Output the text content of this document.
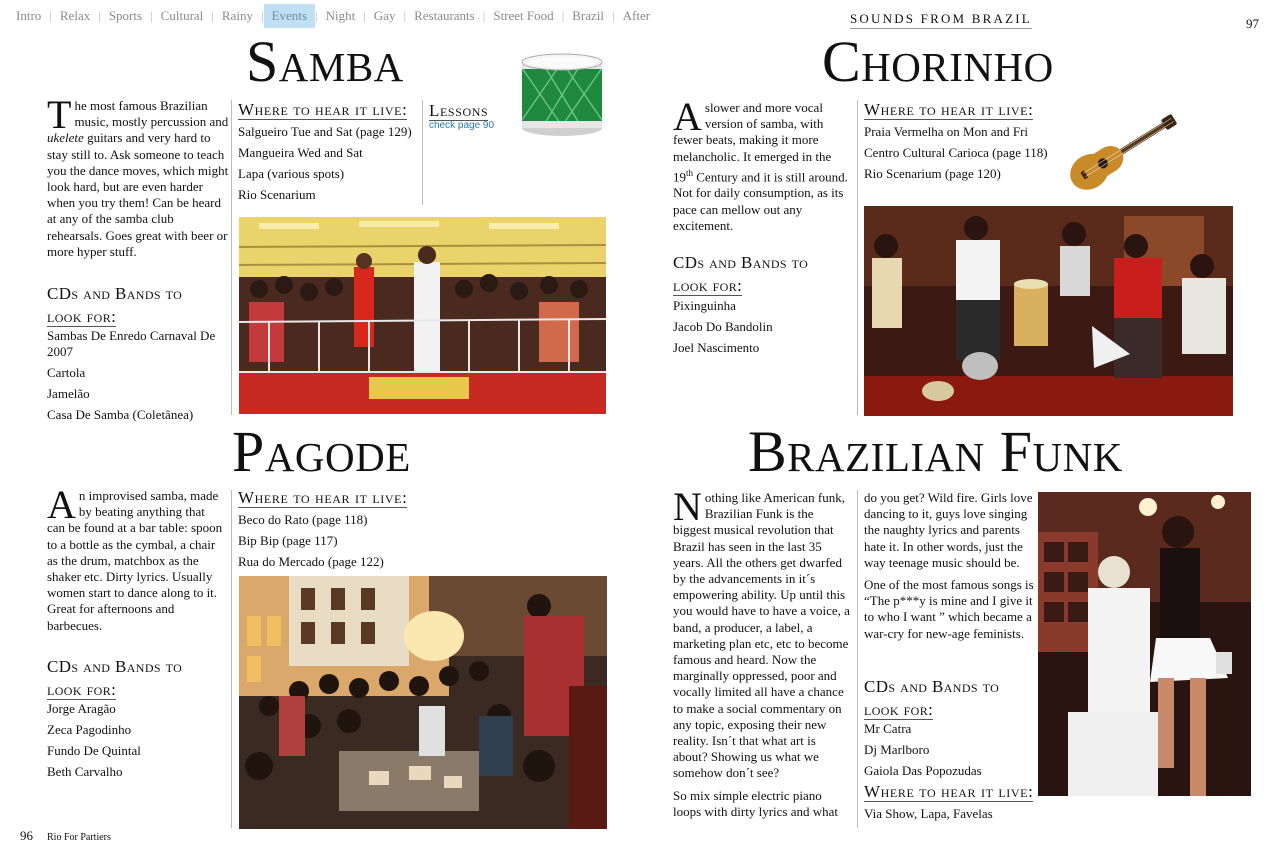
Intro | Relax | Sports | Cultural | Rainy | Events | Night | Gay | Restaurants | Street Food | Brazil | After	SOUNDS FROM BRAZIL	97
Samba

The most famous Brazilian music, mostly percussion and ukelete guitars and very hard to stay still to. Ask someone to teach you the dance moves, which might look hard, but are even harder when you try them! Can be heard at any of the samba club rehearsals. Goes great with beer or more hyper stuff.

CDs and Bands to
look for:
Sambas De Enredo Carnaval De 2007
Cartola
Jamelão
Casa De Samba (Coletânea)
Where to hear it live:
Salgueiro Tue and Sat (page 129)
Mangueira Wed and Sat
Lapa (various spots)
Rio Scenarium
Lessons
check page 90
Chorinho

Aslower and more vocal version of samba, with fewer beats, making it more melancholic. It emerged in the 19th Century and it is still around. Not for daily consumption, as its pace can mellow out any excitement.

CDs and Bands to
look for:
Pixinguinha
Jacob Do Bandolin
Joel Nascimento
Where to hear it live:
Praia Vermelha on Mon and Fri
Centro Cultural Carioca (page 118)
Rio Scenarium (page 120)
Pagode

An improvised samba, made by beating anything that can be found at a bar table: spoon to a bottle as the cymbal, a chair as the drum, matchbox as the shaker etc. Dirty lyrics. Usually women start to dance along to it. Great for afternoons and barbecues.

CDs and Bands to
look for:
Jorge Aragão
Zeca Pagodinho
Fundo De Quintal
Beth Carvalho
Where to hear it live:
Beco do Rato (page 118)
Bip Bip (page 117)
Rua do Mercado (page 122)
Brazilian Funk

Nothing like American funk, Brazilian Funk is the biggest musical revolution that Brazil has seen in the last 35 years. All the others get dwarfed by the advancements in it´s empowering ability. Up until this you would have to have a voice, a band, a producer, a label, a marketing plan etc, etc to become famous and heard. Now the marginally oppressed, poor and vocally limited all have a chance to make a social commentary on any topic, exposing their new reality. Isn´t that what art is about? Showing us what we somehow don´t see?

So mix simple electric piano loops with dirty lyrics and what

do you get? Wild fire. Girls love dancing to it, guys love singing the naughty lyrics and parents hate it. In other words, just the way teenage music should be.

One of the most famous songs is “The p***y is mine and I give it to who I want ” which became a war-cry for new-age feminists.

CDs and Bands to
look for:
Mr Catra
Dj Marlboro
Gaiola Das Popozudas
Where to hear it live:
Via Show, Lapa, Favelas
96 Rio For Partiers
